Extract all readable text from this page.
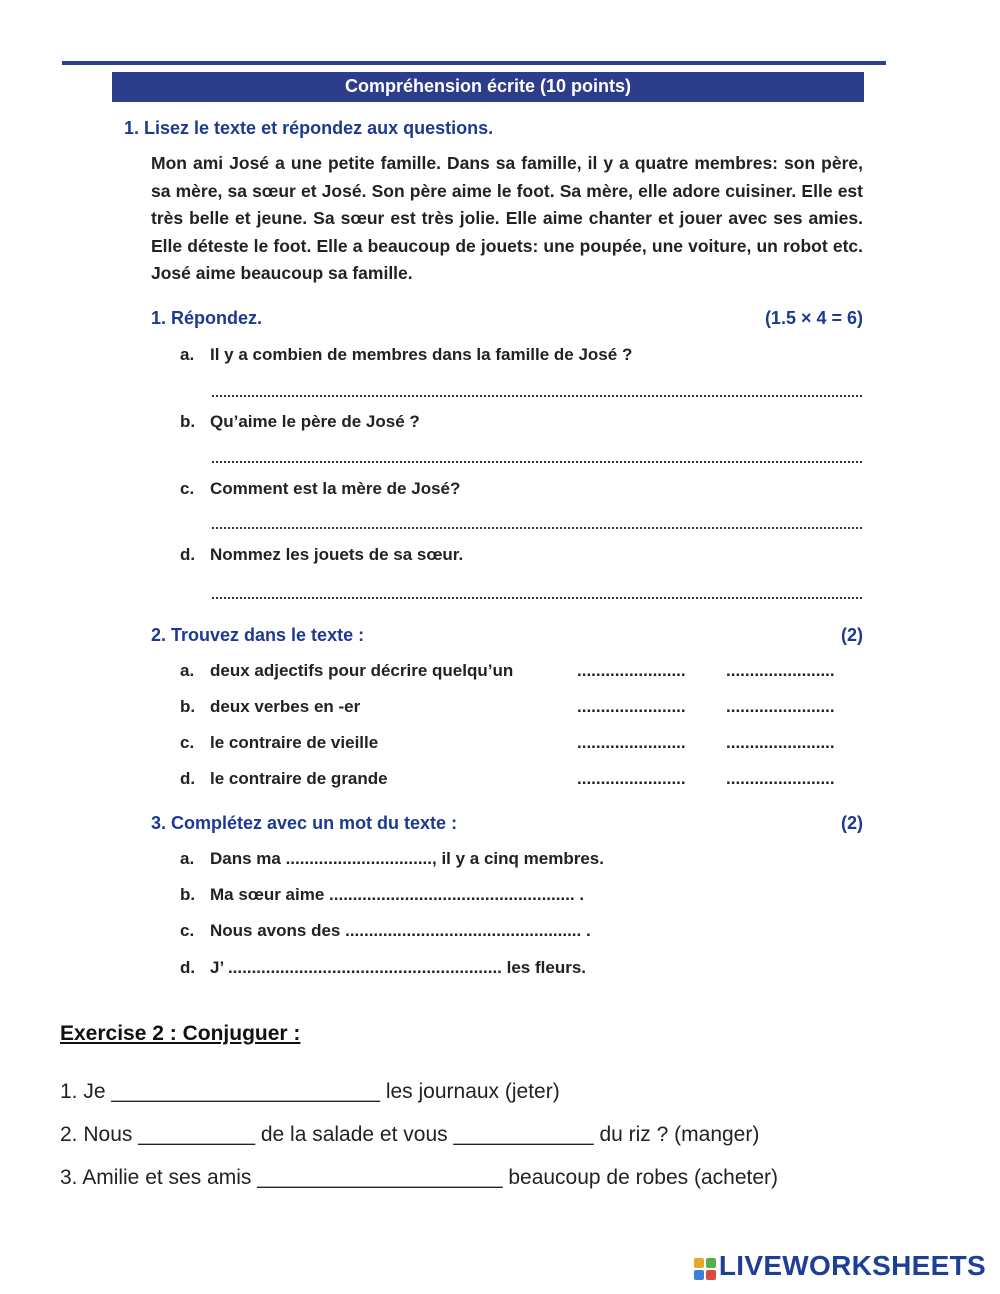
Compréhension écrite (10 points)
1. Lisez le texte et répondez aux questions.
Mon ami José a une petite famille. Dans sa famille, il y a quatre membres: son père, sa mère, sa sœur et José. Son père aime le foot. Sa mère, elle adore cuisiner. Elle est très belle et jeune. Sa sœur est très jolie. Elle aime chanter et jouer avec ses amies. Elle déteste le foot. Elle a beaucoup de jouets: une poupée, une voiture, un robot etc. José aime beaucoup sa famille.
1. Répondez.	(1.5 × 4 = 6)
a. Il y a combien de membres dans la famille de José ?
b. Qu’aime le père de José ?
c. Comment est la mère de José?
d. Nommez les jouets de sa sœur.
2. Trouvez dans le texte :	(2)
a. deux adjectifs pour décrire quelqu’un	....................... .......................
b. deux verbes en -er	....................... .......................
c. le contraire de vieille	....................... .......................
d. le contraire de grande	....................... .......................
3. Complétez avec un mot du texte :	(2)
a. Dans ma ..............................., il y a cinq membres.
b. Ma sœur aime .................................................... .
c. Nous avons des .................................................. .
d. J’ .......................................................... les fleurs.
Exercise 2 : Conjuguer :
1. Je _______________________ les journaux (jeter)
2. Nous __________ de la salade et vous ____________ du riz ? (manger)
3. Amilie et ses amis _____________________ beaucoup de robes (acheter)
LIVEWORKSHEETS
